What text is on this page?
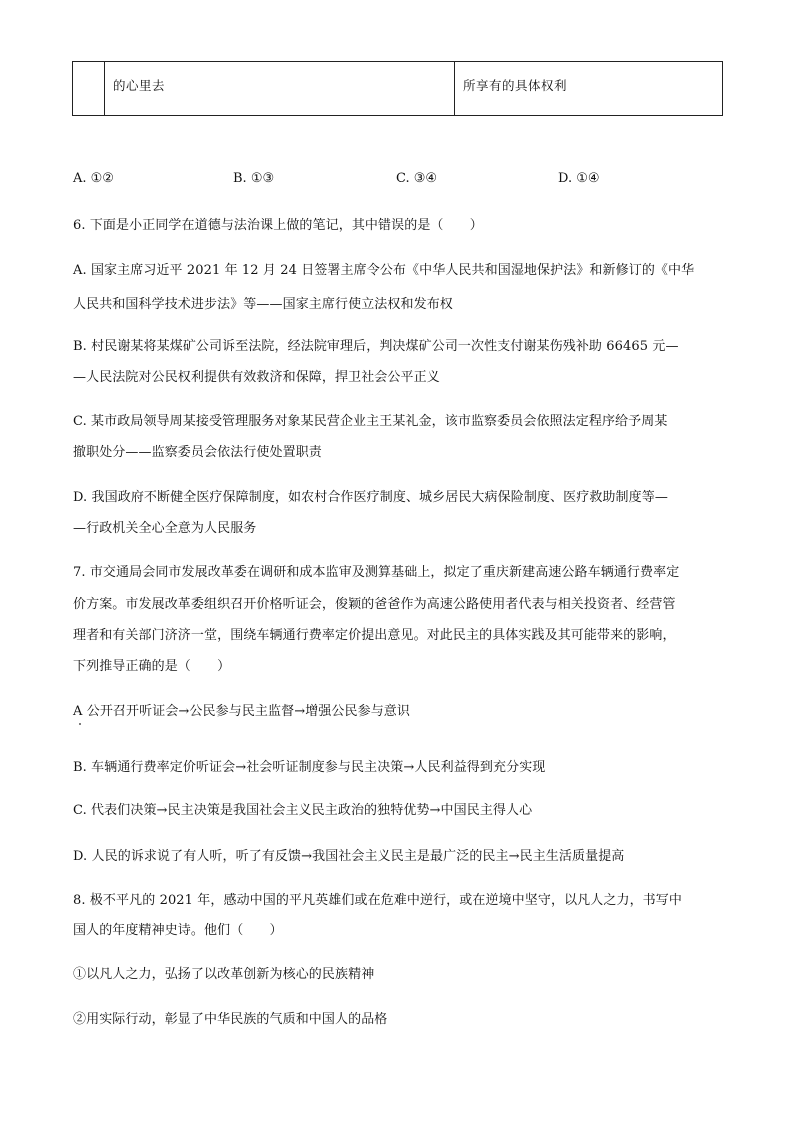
	的心里去	所享有的具体权利
A. ①②	B. ①③	C. ③④	D. ①④
6. 下面是小正同学在道德与法治课上做的笔记，其中错误的是（　　）
A. 国家主席习近平 2021 年 12 月 24 日签署主席令公布《中华人民共和国湿地保护法》和新修订的《中华
人民共和国科学技术进步法》等——国家主席行使立法权和发布权
B. 村民谢某将某煤矿公司诉至法院，经法院审理后，判决煤矿公司一次性支付谢某伤残补助 66465 元—
—人民法院对公民权利提供有效救济和保障，捍卫社会公平正义
C. 某市政局领导周某接受管理服务对象某民营企业主王某礼金，该市监察委员会依照法定程序给予周某
撤职处分——监察委员会依法行使处置职责
D. 我国政府不断健全医疗保障制度，如农村合作医疗制度、城乡居民大病保险制度、医疗救助制度等—
—行政机关全心全意为人民服务
7. 市交通局会同市发展改革委在调研和成本监审及测算基础上，拟定了重庆新建高速公路车辆通行费率定
价方案。市发展改革委组织召开价格听证会，俊颖的爸爸作为高速公路使用者代表与相关投资者、经营管
理者和有关部门济济一堂，围绕车辆通行费率定价提出意见。对此民主的具体实践及其可能带来的影响，
下列推导正确的是（　　）
A 公开召开听证会→公民参与民主监督→增强公民参与意识
B. 车辆通行费率定价听证会→社会听证制度参与民主决策→人民利益得到充分实现
C. 代表们决策→民主决策是我国社会主义民主政治的独特优势→中国民主得人心
D. 人民的诉求说了有人听，听了有反馈→我国社会主义民主是最广泛的民主→民主生活质量提高
8. 极不平凡的 2021 年，感动中国的平凡英雄们或在危难中逆行，或在逆境中坚守，以凡人之力，书写中
国人的年度精神史诗。他们（　　）
①以凡人之力，弘扬了以改革创新为核心的民族精神
②用实际行动，彰显了中华民族的气质和中国人的品格
